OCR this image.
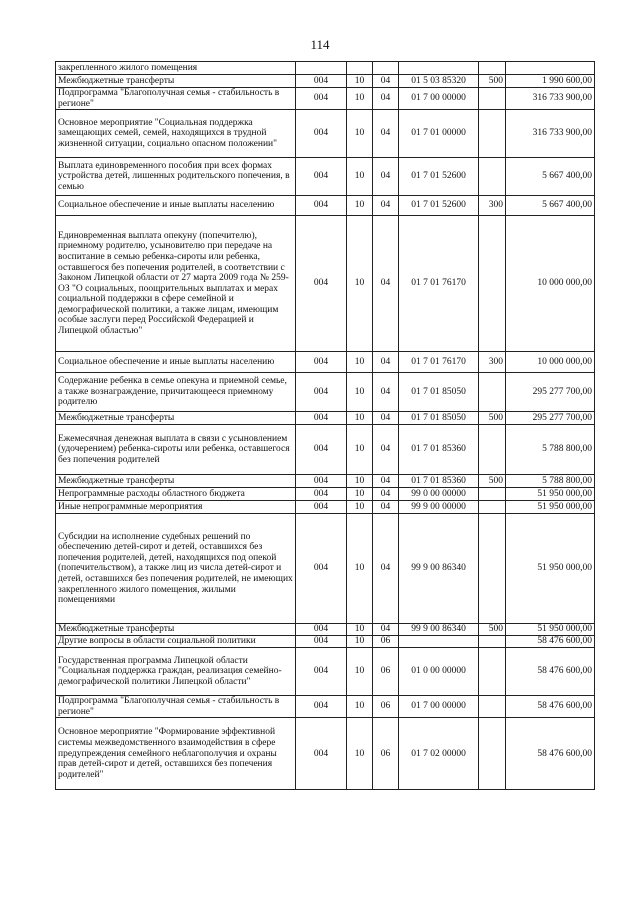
114
закрепленного жилого помещения						
Межбюджетные трансферты	004	10	04	01 5 03 85320	500	1 990 600,00
Подпрограмма "Благополучная семья - стабильность в регионе"	004	10	04	01 7 00 00000		316 733 900,00
Основное мероприятие "Социальная поддержка замещающих семей, семей, находящихся в трудной жизненной ситуации, социально опасном положении"	004	10	04	01 7 01 00000		316 733 900,00
Выплата единовременного пособия при всех формах устройства детей, лишенных родительского попечения, в семью	004	10	04	01 7 01 52600		5 667 400,00
Социальное обеспечение и иные выплаты населению	004	10	04	01 7 01 52600	300	5 667 400,00
Единовременная выплата опекуну (попечителю), приемному родителю, усыновителю при передаче на воспитание в семью ребенка-сироты или ребенка, оставшегося без попечения родителей, в соответствии с Законом Липецкой области от 27 марта 2009 года № 259-ОЗ "О социальных, поощрительных выплатах и мерах социальной поддержки в сфере семейной и демографической политики, а также лицам, имеющим особые заслуги перед Российской Федерацией и Липецкой областью"	004	10	04	01 7 01 76170		10 000 000,00
Социальное обеспечение и иные выплаты населению	004	10	04	01 7 01 76170	300	10 000 000,00
Содержание ребенка в семье опекуна и приемной семье, а также вознаграждение, причитающееся приемному родителю	004	10	04	01 7 01 85050		295 277 700,00
Межбюджетные трансферты	004	10	04	01 7 01 85050	500	295 277 700,00
Ежемесячная денежная выплата в связи с усыновлением (удочерением) ребенка-сироты или ребенка, оставшегося без попечения родителей	004	10	04	01 7 01 85360		5 788 800,00
Межбюджетные трансферты	004	10	04	01 7 01 85360	500	5 788 800,00
Непрограммные расходы областного бюджета	004	10	04	99 0 00 00000		51 950 000,00
Иные непрограммные мероприятия	004	10	04	99 9 00 00000		51 950 000,00
Субсидии на исполнение судебных решений по обеспечению детей-сирот и детей, оставшихся без попечения родителей, детей, находящихся под опекой (попечительством), а также лиц из числа детей-сирот и детей, оставшихся без попечения родителей, не имеющих закрепленного жилого помещения, жилыми помещениями	004	10	04	99 9 00 86340		51 950 000,00
Межбюджетные трансферты	004	10	04	99 9 00 86340	500	51 950 000,00
Другие вопросы в области социальной политики	004	10	06			58 476 600,00
Государственная программа Липецкой области "Социальная поддержка граждан, реализация семейно-демографической политики Липецкой области"	004	10	06	01 0 00 00000		58 476 600,00
Подпрограмма "Благополучная семья - стабильность в регионе"	004	10	06	01 7 00 00000		58 476 600,00
Основное мероприятие "Формирование эффективной системы межведомственного взаимодействия в сфере предупреждения семейного неблагополучия и охраны прав детей-сирот и детей, оставшихся без попечения родителей"	004	10	06	01 7 02 00000		58 476 600,00
